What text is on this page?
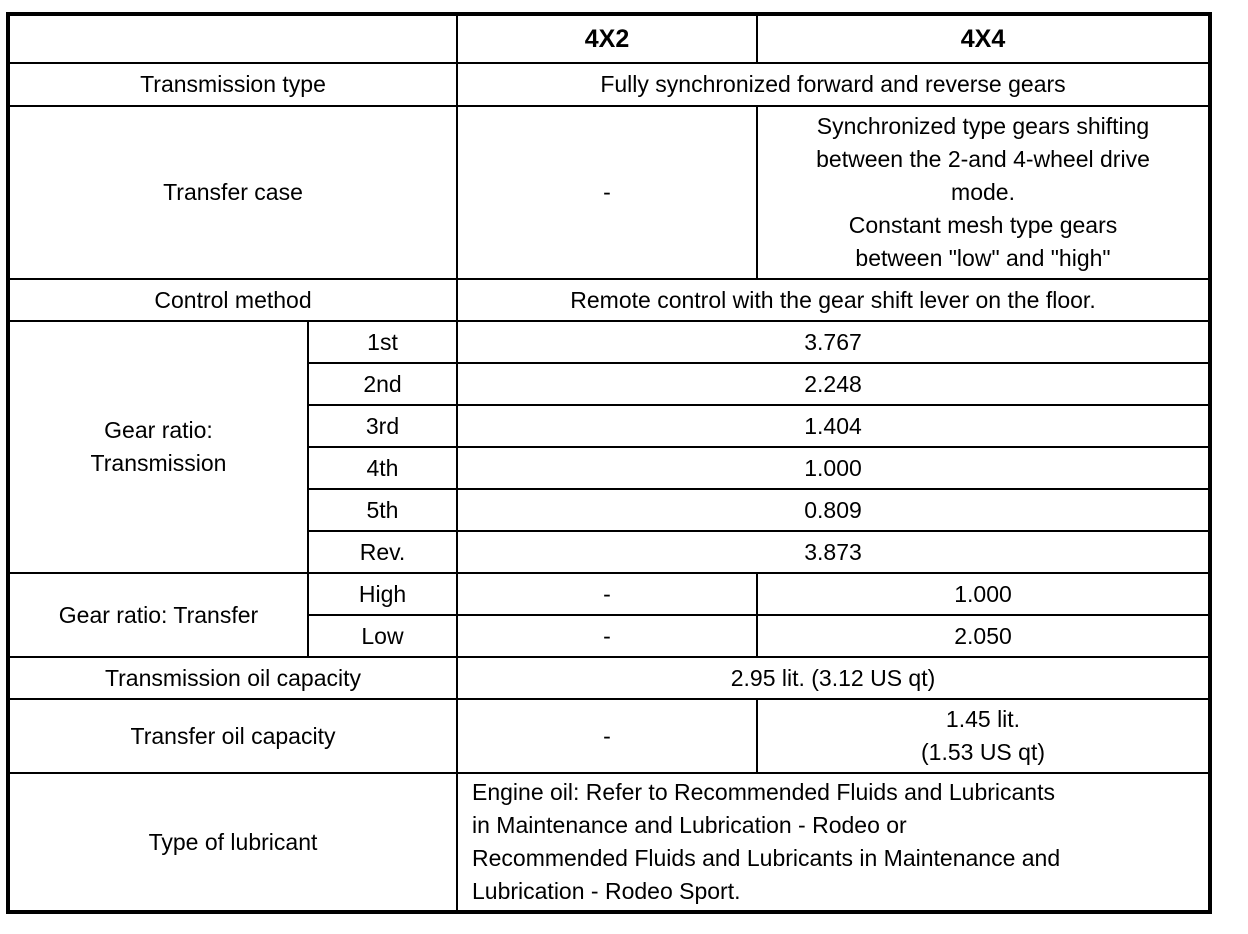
		4X2	4X4
Transmission type		Fully synchronized forward and reverse gears	
Transfer case		-	Synchronized type gears shifting
between the 2-and 4-wheel drive
mode.
Constant mesh type gears
between "low" and "high"

Control method		Remote control with the gear shift lever on the floor.	

Gear ratio:
Transmission	1st	3.767	
	2nd	2.248	
	3rd	1.404	
	4th	1.000	
	5th	0.809	
	Rev.	3.873	
Gear ratio: Transfer	High	-	1.000
	Low	-	2.050
Transmission oil capacity		2.95 lit. (3.12 US qt)	
Transfer oil capacity		-	1.45 lit.
(1.53 US qt)

Type of lubricant		Engine oil: Refer to Recommended Fluids and Lubricants
in Maintenance and Lubrication - Rodeo or
Recommended Fluids and Lubricants in Maintenance and
Lubrication - Rodeo Sport.	
